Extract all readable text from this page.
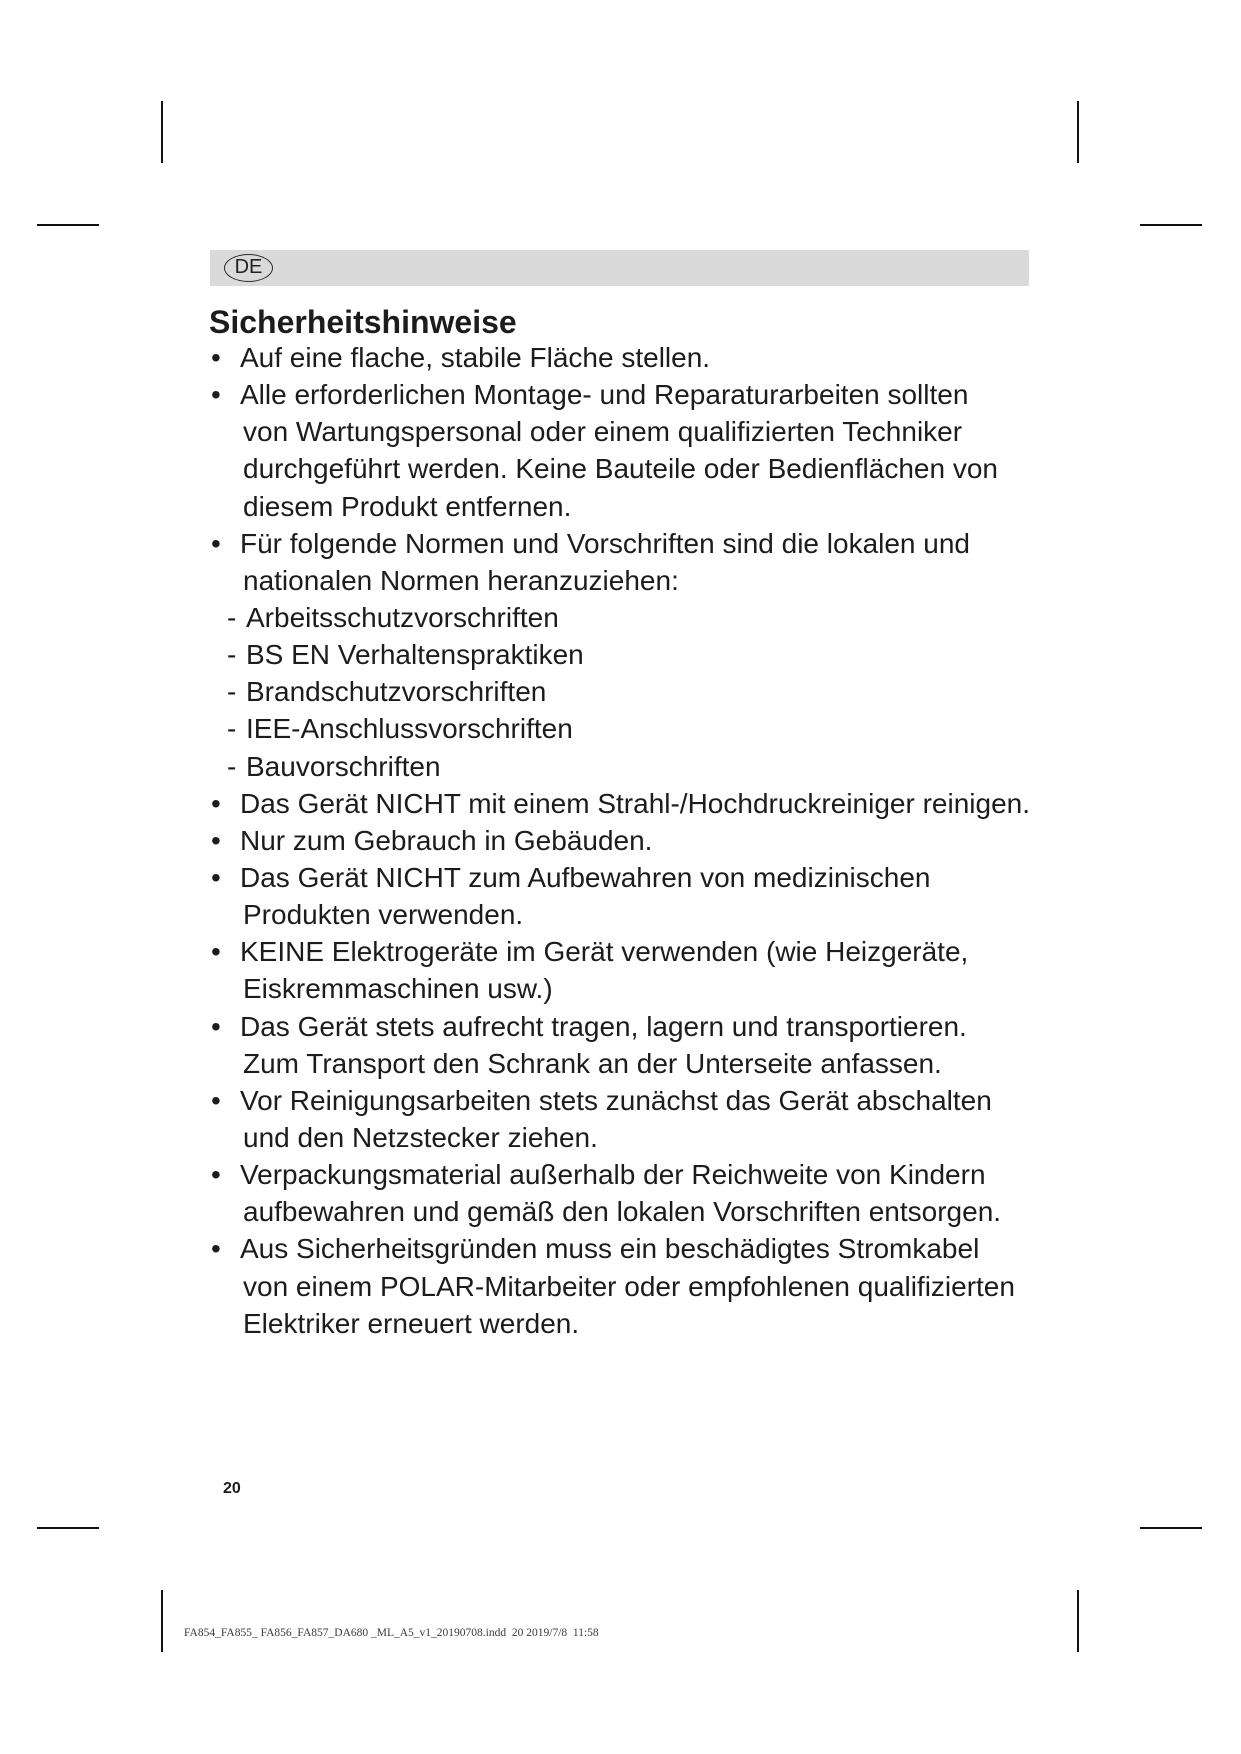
DE
Sicherheitshinweise
• Auf eine flache, stabile Fläche stellen.
• Alle erforderlichen Montage- und Reparaturarbeiten sollten
von Wartungspersonal oder einem qualifizierten Techniker
durchgeführt werden. Keine Bauteile oder Bedienflächen von
diesem Produkt entfernen.
• Für folgende Normen und Vorschriften sind die lokalen und
nationalen Normen heranzuziehen:
- Arbeitsschutzvorschriften
- BS EN Verhaltenspraktiken
- Brandschutzvorschriften
- IEE-Anschlussvorschriften
- Bauvorschriften
• Das Gerät NICHT mit einem Strahl-/Hochdruckreiniger reinigen.
• Nur zum Gebrauch in Gebäuden.
• Das Gerät NICHT zum Aufbewahren von medizinischen
Produkten verwenden.
• KEINE Elektrogeräte im Gerät verwenden (wie Heizgeräte,
Eiskremmaschinen usw.)
• Das Gerät stets aufrecht tragen, lagern und transportieren.
Zum Transport den Schrank an der Unterseite anfassen.
• Vor Reinigungsarbeiten stets zunächst das Gerät abschalten
und den Netzstecker ziehen.
• Verpackungsmaterial außerhalb der Reichweite von Kindern
aufbewahren und gemäß den lokalen Vorschriften entsorgen.
• Aus Sicherheitsgründen muss ein beschädigtes Stromkabel
von einem POLAR-Mitarbeiter oder empfohlenen qualifizierten
Elektriker erneuert werden.
20
FA854_FA855_ FA856_FA857_DA680 _ML_A5_v1_20190708.indd  20 2019/7/8  11:58
